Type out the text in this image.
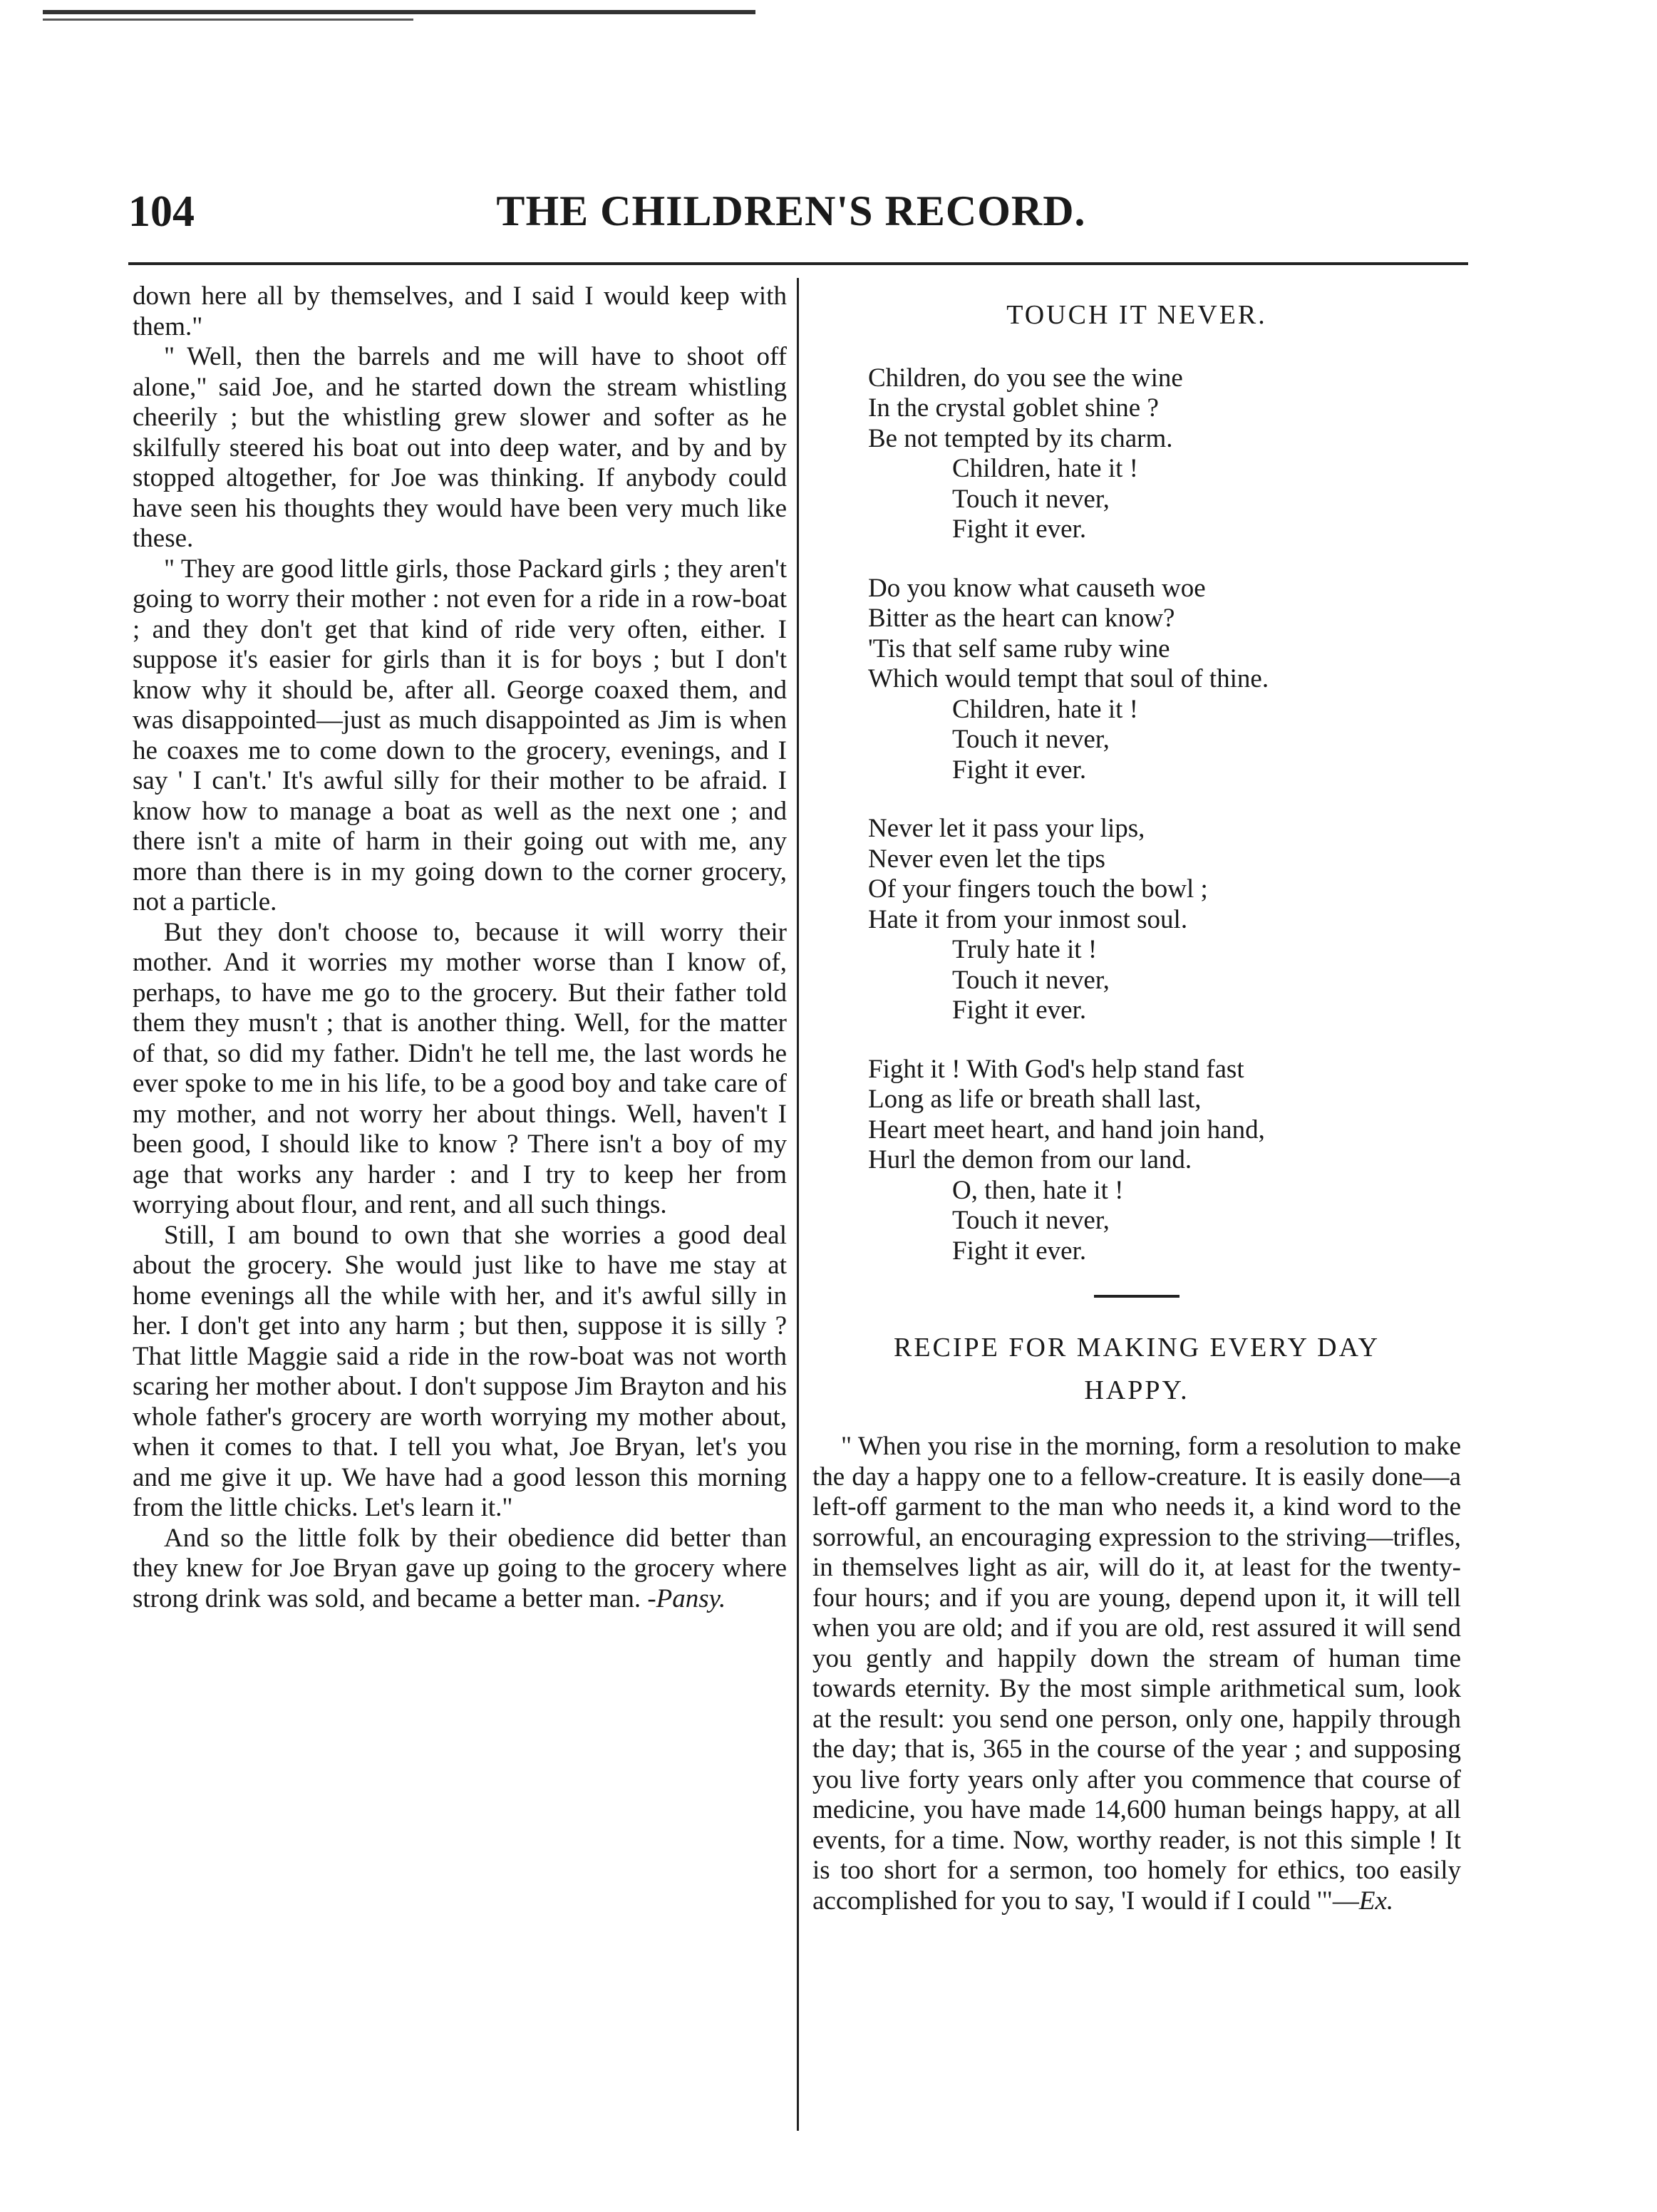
104	THE CHILDREN'S RECORD.

down here all by themselves, and I said I would keep with them."

" Well, then the barrels and me will have to shoot off alone," said Joe, and he started down the stream whistling cheerily ; but the whistling grew slower and softer as he skilfully steered his boat out into deep water, and by and by stopped altogether, for Joe was thinking. If anybody could have seen his thoughts they would have been very much like these.

" They are good little girls, those Packard girls ; they aren't going to worry their mother : not even for a ride in a row-boat ; and they don't get that kind of ride very often, either. I suppose it's easier for girls than it is for boys ; but I don't know why it should be, after all. George coaxed them, and was disappointed—just as much disappointed as Jim is when he coaxes me to come down to the grocery, evenings, and I say ' I can't.' It's awful silly for their mother to be afraid. I know how to manage a boat as well as the next one ; and there isn't a mite of harm in their going out with me, any more than there is in my going down to the corner grocery, not a particle.

But they don't choose to, because it will worry their mother. And it worries my mother worse than I know of, perhaps, to have me go to the grocery. But their father told them they musn't ; that is another thing. Well, for the matter of that, so did my father. Didn't he tell me, the last words he ever spoke to me in his life, to be a good boy and take care of my mother, and not worry her about things. Well, haven't I been good, I should like to know ? There isn't a boy of my age that works any harder : and I try to keep her from worrying about flour, and rent, and all such things.

Still, I am bound to own that she worries a good deal about the grocery. She would just like to have me stay at home evenings all the while with her, and it's awful silly in her. I don't get into any harm ; but then, suppose it is silly ? That little Maggie said a ride in the row-boat was not worth scaring her mother about. I don't suppose Jim Brayton and his whole father's grocery are worth worrying my mother about, when it comes to that. I tell you what, Joe Bryan, let's you and me give it up. We have had a good lesson this morning from the little chicks. Let's learn it."

And so the little folk by their obedience did better than they knew for Joe Bryan gave up going to the grocery where strong drink was sold, and became a better man. -Pansy.

TOUCH IT NEVER.
Children, do you see the wine
In the crystal goblet shine ?
Be not tempted by its charm.
Children, hate it !
Touch it never,
Fight it ever.
Do you know what causeth woe
Bitter as the heart can know?
'Tis that self same ruby wine
Which would tempt that soul of thine.
Children, hate it !
Touch it never,
Fight it ever.
Never let it pass your lips,
Never even let the tips
Of your fingers touch the bowl ;
Hate it from your inmost soul.
Truly hate it !
Touch it never,
Fight it ever.
Fight it ! With God's help stand fast
Long as life or breath shall last,
Heart meet heart, and hand join hand,
Hurl the demon from our land.
O, then, hate it !
Touch it never,
Fight it ever.
RECIPE FOR MAKING EVERY DAY
HAPPY.

" When you rise in the morning, form a resolution to make the day a happy one to a fellow-creature. It is easily done—a left-off garment to the man who needs it, a kind word to the sorrowful, an encouraging expression to the striving—trifles, in themselves light as air, will do it, at least for the twenty-four hours; and if you are young, depend upon it, it will tell when you are old; and if you are old, rest assured it will send you gently and happily down the stream of human time towards eternity. By the most simple arithmetical sum, look at the result: you send one person, only one, happily through the day; that is, 365 in the course of the year ; and supposing you live forty years only after you commence that course of medicine, you have made 14,600 human beings happy, at all events, for a time. Now, worthy reader, is not this simple ! It is too short for a sermon, too homely for ethics, too easily accomplished for you to say, 'I would if I could '"—Ex.
